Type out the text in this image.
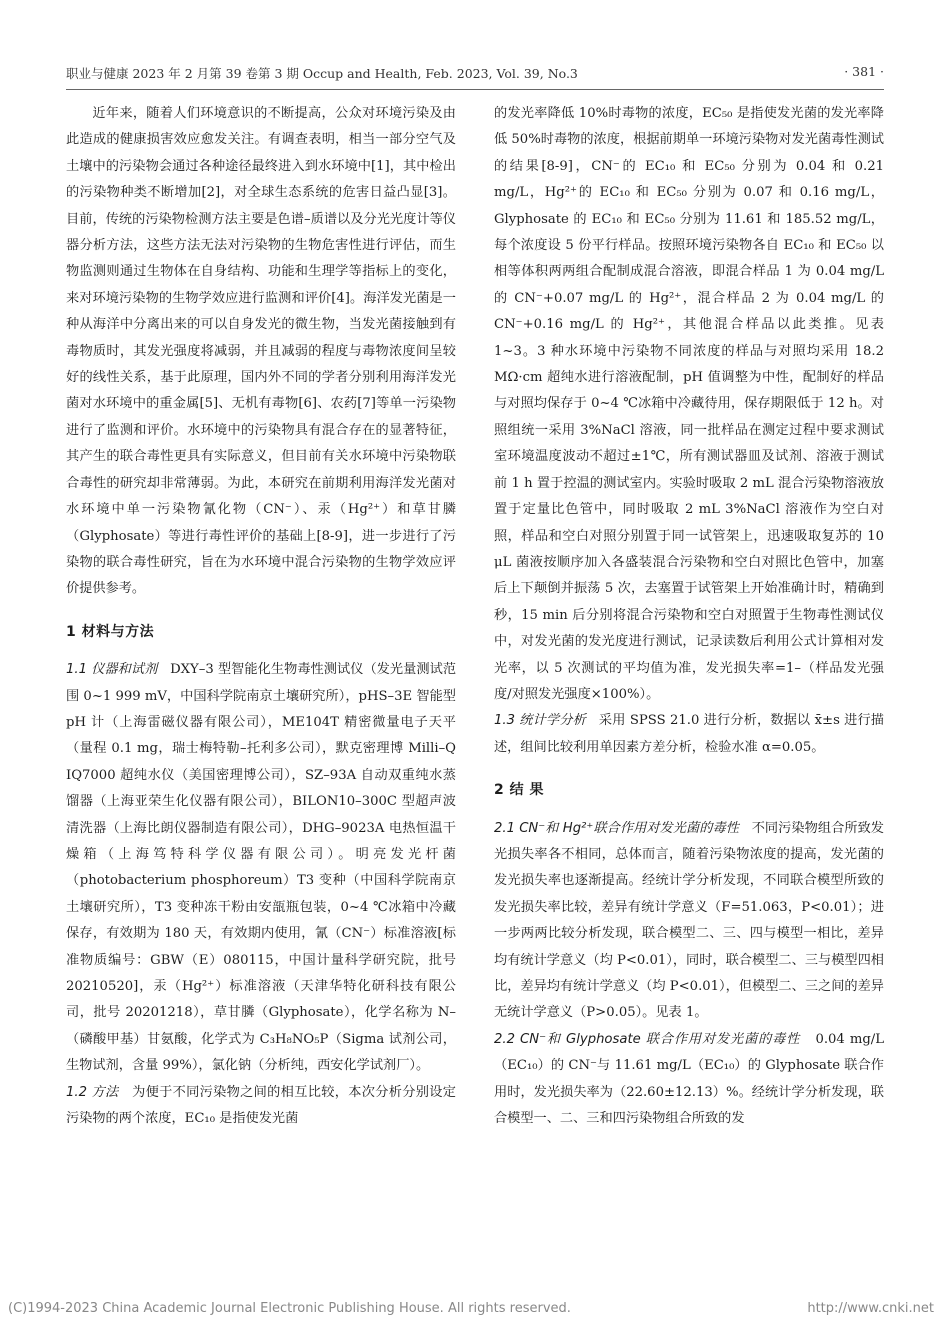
职业与健康 2023 年 2 月第 39 卷第 3 期 Occup and Health, Feb. 2023, Vol. 39, No.3	· 381 ·

近年来，随着人们环境意识的不断提高，公众对环境污染及由此造成的健康损害效应愈发关注。有调查表明，相当一部分空气及土壤中的污染物会通过各种途径最终进入到水环境中[1]，其中检出的污染物种类不断增加[2]，对全球生态系统的危害日益凸显[3]。目前，传统的污染物检测方法主要是色谱–质谱以及分光光度计等仪器分析方法，这些方法无法对污染物的生物危害性进行评估，而生物监测则通过生物体在自身结构、功能和生理学等指标上的变化，来对环境污染物的生物学效应进行监测和评价[4]。海洋发光菌是一种从海洋中分离出来的可以自身发光的微生物，当发光菌接触到有毒物质时，其发光强度将减弱，并且减弱的程度与毒物浓度间呈较好的线性关系，基于此原理，国内外不同的学者分别利用海洋发光菌对水环境中的重金属[5]、无机有毒物[6]、农药[7]等单一污染物进行了监测和评价。水环境中的污染物具有混合存在的显著特征，其产生的联合毒性更具有实际意义，但目前有关水环境中污染物联合毒性的研究却非常薄弱。为此，本研究在前期利用海洋发光菌对水环境中单一污染物氰化物（CN⁻）、汞（Hg²⁺）和草甘膦（Glyphosate）等进行毒性评价的基础上[8-9]，进一步进行了污染物的联合毒性研究，旨在为水环境中混合污染物的生物学效应评价提供参考。

1 材料与方法

1.1 仪器和试剂 DXY–3 型智能化生物毒性测试仪（发光量测试范围 0~1 999 mV，中国科学院南京土壤研究所），pHS–3E 智能型 pH 计（上海雷磁仪器有限公司），ME104T 精密微量电子天平（量程 0.1 mg，瑞士梅特勒–托利多公司），默克密理博 Milli–Q IQ7000 超纯水仪（美国密理博公司），SZ–93A 自动双重纯水蒸馏器（上海亚荣生化仪器有限公司），BILON10–300C 型超声波清洗器（上海比朗仪器制造有限公司），DHG–9023A 电热恒温干燥箱（上海笃特科学仪器有限公司）。明亮发光杆菌（photobacterium phosphoreum）T3 变种（中国科学院南京土壤研究所），T3 变种冻干粉由安瓿瓶包装，0~4 ℃冰箱中冷藏保存，有效期为 180 天，有效期内使用，氰（CN⁻）标准溶液[标准物质编号：GBW（E）080115，中国计量科学研究院，批号 20210520]，汞（Hg²⁺）标准溶液（天津华特化研科技有限公司，批号 20201218），草甘膦（Glyphosate），化学名称为 N–（磷酸甲基）甘氨酸，化学式为 C₃H₈NO₅P（Sigma 试剂公司，生物试剂，含量 99%），氯化钠（分析纯，西安化学试剂厂）。

1.2 方法 为便于不同污染物之间的相互比较，本次分析分别设定污染物的两个浓度，EC₁₀ 是指使发光菌

的发光率降低 10%时毒物的浓度，EC₅₀ 是指使发光菌的发光率降低 50%时毒物的浓度，根据前期单一环境污染物对发光菌毒性测试的结果[8-9]，CN⁻的 EC₁₀ 和 EC₅₀ 分别为 0.04 和 0.21 mg/L，Hg²⁺的 EC₁₀ 和 EC₅₀ 分别为 0.07 和 0.16 mg/L，Glyphosate 的 EC₁₀ 和 EC₅₀ 分别为 11.61 和 185.52 mg/L，每个浓度设 5 份平行样品。按照环境污染物各自 EC₁₀ 和 EC₅₀ 以相等体积两两组合配制成混合溶液，即混合样品 1 为 0.04 mg/L 的 CN⁻+0.07 mg/L 的 Hg²⁺，混合样品 2 为 0.04 mg/L 的 CN⁻+0.16 mg/L 的 Hg²⁺，其他混合样品以此类推。见表 1~3。3 种水环境中污染物不同浓度的样品与对照均采用 18.2 MΩ·cm 超纯水进行溶液配制，pH 值调整为中性，配制好的样品与对照均保存于 0~4 ℃冰箱中冷藏待用，保存期限低于 12 h。对照组统一采用 3%NaCl 溶液，同一批样品在测定过程中要求测试室环境温度波动不超过±1℃，所有测试器皿及试剂、溶液于测试前 1 h 置于控温的测试室内。实验时吸取 2 mL 混合污染物溶液放置于定量比色管中，同时吸取 2 mL 3%NaCl 溶液作为空白对照，样品和空白对照分别置于同一试管架上，迅速吸取复苏的 10 μL 菌液按顺序加入各盛装混合污染物和空白对照比色管中，加塞后上下颠倒并振荡 5 次，去塞置于试管架上开始准确计时，精确到秒，15 min 后分别将混合污染物和空白对照置于生物毒性测试仪中，对发光菌的发光度进行测试，记录读数后利用公式计算相对发光率，以 5 次测试的平均值为准，发光损失率=1–（样品发光强度/对照发光强度×100%）。

1.3 统计学分析 采用 SPSS 21.0 进行分析，数据以 x̄±s 进行描述，组间比较利用单因素方差分析，检验水准 α=0.05。

2 结 果

2.1 CN⁻和 Hg²⁺联合作用对发光菌的毒性 不同污染物组合所致发光损失率各不相同，总体而言，随着污染物浓度的提高，发光菌的发光损失率也逐渐提高。经统计学分析发现，不同联合模型所致的发光损失率比较，差异有统计学意义（F=51.063，P<0.01）；进一步两两比较分析发现，联合模型二、三、四与模型一相比，差异均有统计学意义（均 P<0.01），同时，联合模型二、三与模型四相比，差异均有统计学意义（均 P<0.01），但模型二、三之间的差异无统计学意义（P>0.05）。见表 1。

2.2 CN⁻和 Glyphosate 联合作用对发光菌的毒性 0.04 mg/L（EC₁₀）的 CN⁻与 11.61 mg/L（EC₁₀）的 Glyphosate 联合作用时，发光损失率为（22.60±12.13）%。经统计学分析发现，联合模型一、二、三和四污染物组合所致的发

(C)1994-2023 China Academic Journal Electronic Publishing House. All rights reserved.	http://www.cnki.net
